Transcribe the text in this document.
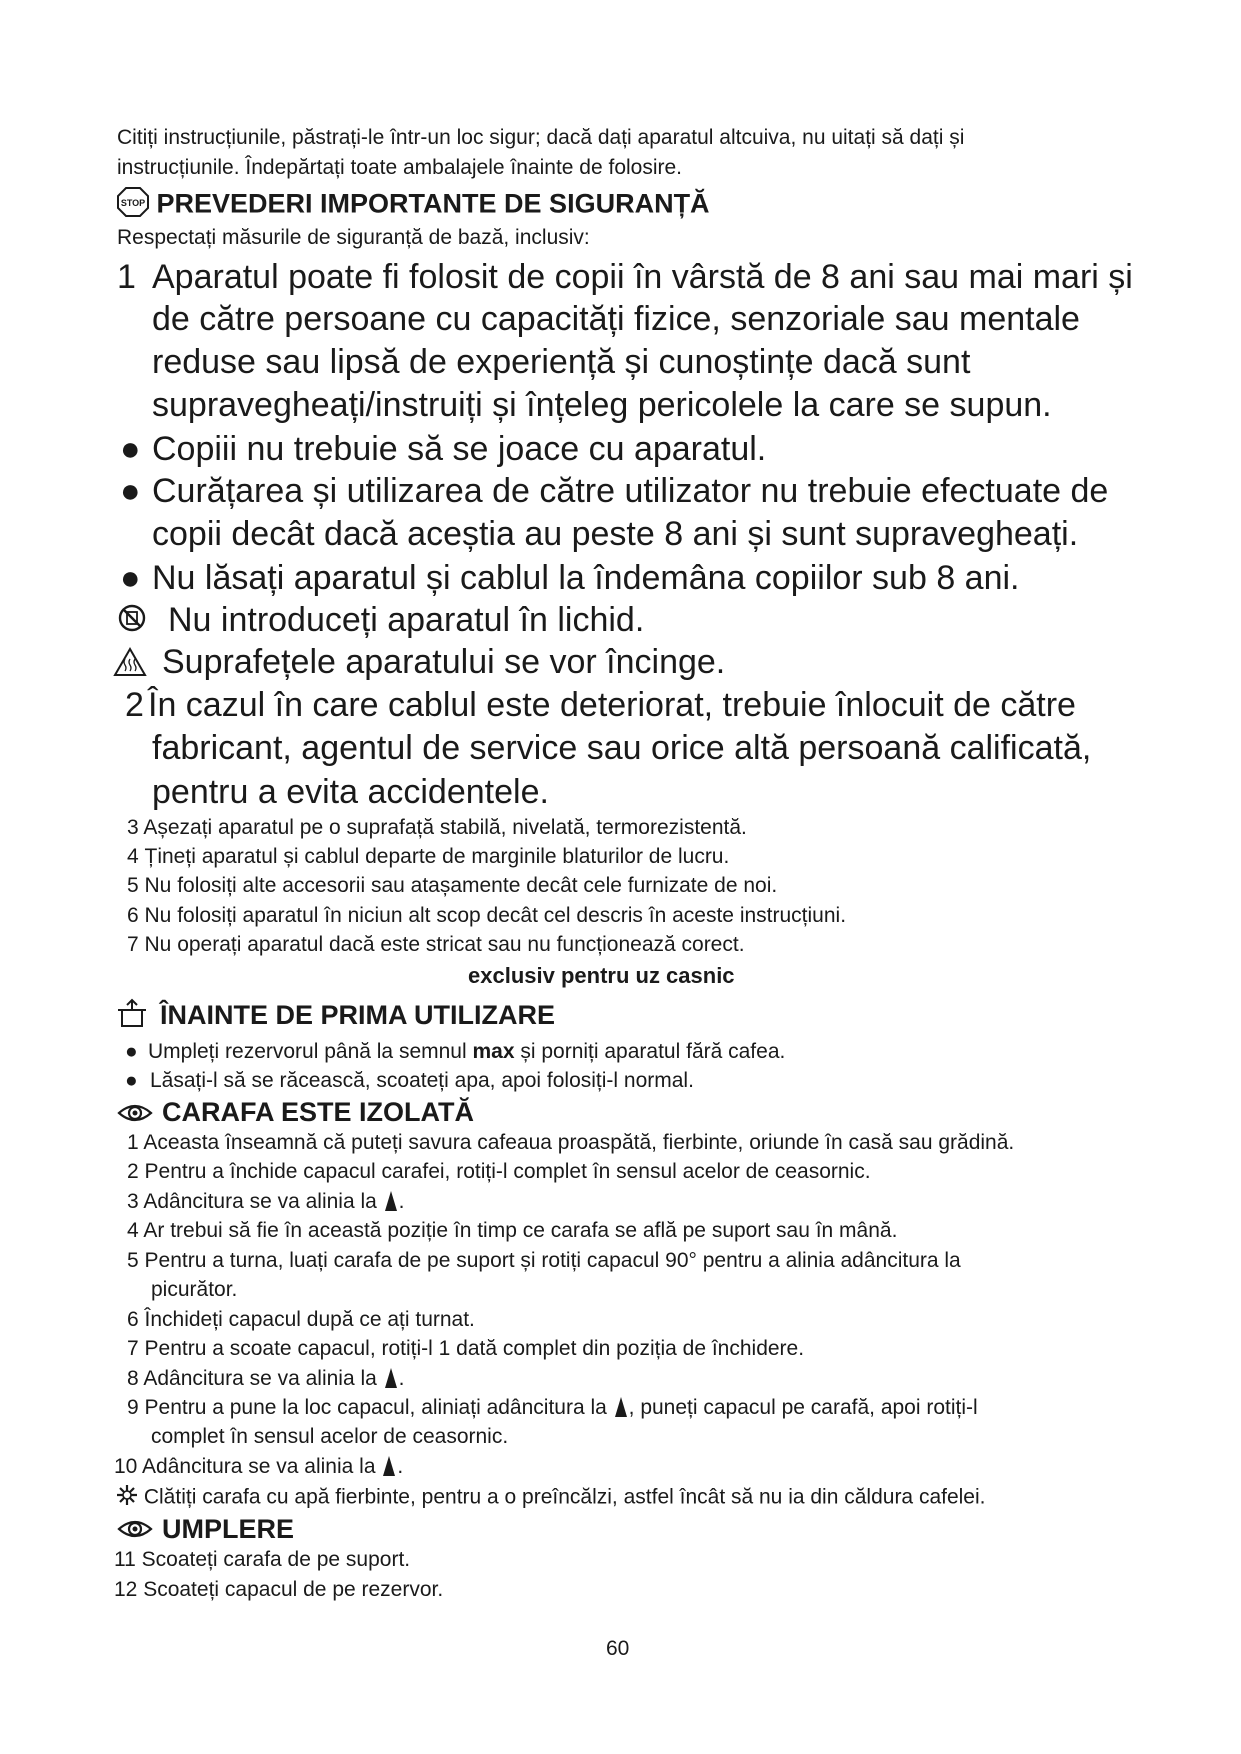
Citiți instrucțiunile, păstrați-le într-un loc sigur; dacă dați aparatul altcuiva, nu uitați să dați și
instrucțiunile. Îndepărtați toate ambalajele înainte de folosire.
STOP PREVEDERI IMPORTANTE DE SIGURANȚĂ
Respectați măsurile de siguranță de bază, inclusiv:
1 Aparatul poate fi folosit de copii în vârstă de 8 ani sau mai mari și
de către persoane cu capacități fizice, senzoriale sau mentale
reduse sau lipsă de experiență și cunoștințe dacă sunt
supravegheați/instruiți și înțeleg pericolele la care se supun.
● Copiii nu trebuie să se joace cu aparatul.
● Curățarea și utilizarea de către utilizator nu trebuie efectuate de
copii decât dacă aceștia au peste 8 ani și sunt supravegheați.
● Nu lăsați aparatul și cablul la îndemâna copiilor sub 8 ani.
Nu introduceți aparatul în lichid.
Suprafețele aparatului se vor încinge.
2 În cazul în care cablul este deteriorat, trebuie înlocuit de către
fabricant, agentul de service sau orice altă persoană calificată,
pentru a evita accidentele.
3 Așezați aparatul pe o suprafață stabilă, nivelată, termorezistentă.
4 Țineți aparatul și cablul departe de marginile blaturilor de lucru.
5 Nu folosiți alte accesorii sau atașamente decât cele furnizate de noi.
6 Nu folosiți aparatul în niciun alt scop decât cel descris în aceste instrucțiuni.
7 Nu operați aparatul dacă este stricat sau nu funcționează corect.
exclusiv pentru uz casnic
ÎNAINTE DE PRIMA UTILIZARE
● Umpleți rezervorul până la semnul max și porniți aparatul fără cafea.
● Lăsați-l să se răcească, scoateți apa, apoi folosiți-l normal.
CARAFA ESTE IZOLATĂ
1 Aceasta înseamnă că puteți savura cafeaua proaspătă, fierbinte, oriunde în casă sau grădină.
2 Pentru a închide capacul carafei, rotiți-l complet în sensul acelor de ceasornic.
3 Adâncitura se va alinia la .
4 Ar trebui să fie în această poziție în timp ce carafa se află pe suport sau în mână.
5 Pentru a turna, luați carafa de pe suport și rotiți capacul 90° pentru a alinia adâncitura la
picurător.
6 Închideți capacul după ce ați turnat.
7 Pentru a scoate capacul, rotiți-l 1 dată complet din poziția de închidere.
8 Adâncitura se va alinia la .
9 Pentru a pune la loc capacul, aliniați adâncitura la , puneți capacul pe carafă, apoi rotiți-l
complet în sensul acelor de ceasornic.
10 Adâncitura se va alinia la .
Clătiți carafa cu apă fierbinte, pentru a o preîncălzi, astfel încât să nu ia din căldura cafelei.
UMPLERE
11 Scoateți carafa de pe suport.
12 Scoateți capacul de pe rezervor.
60
